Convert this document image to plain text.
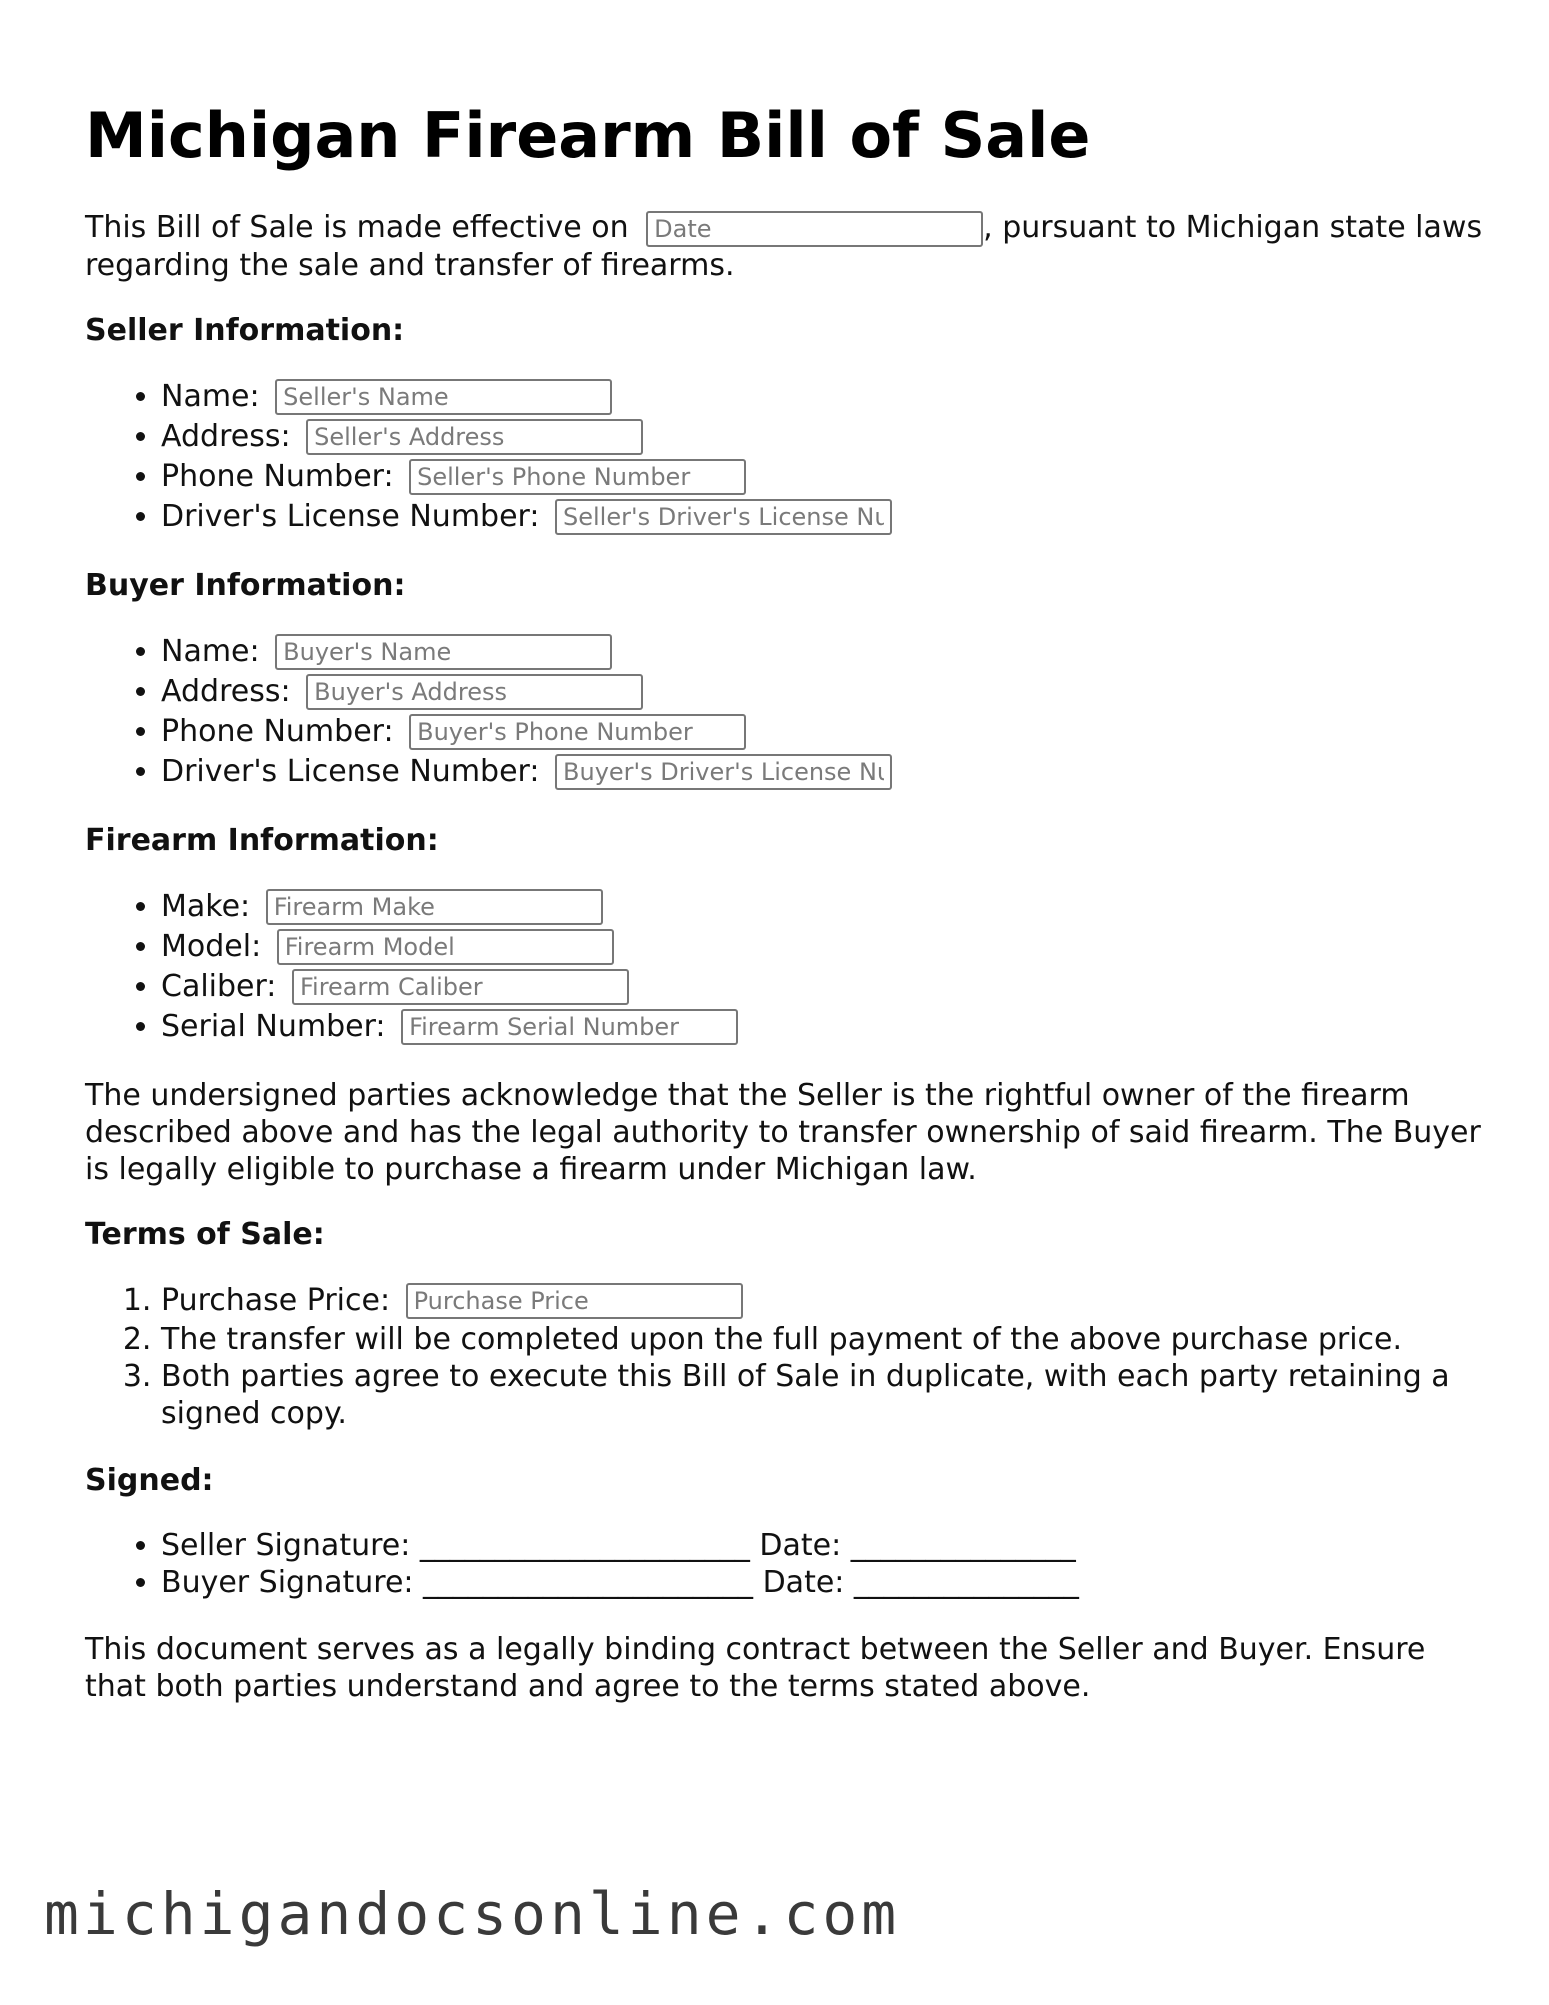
Michigan Firearm Bill of Sale

This Bill of Sale is made effective on Date	, pursuant to Michigan state laws regarding the sale and transfer of firearms.

Seller Information:
• Name: Seller's Name
• Address: Seller's Address
• Phone Number: Seller's Phone Number
• Driver's License Number: Seller's Driver's License Number
Buyer Information:
• Name: Buyer's Name
• Address: Buyer's Address
• Phone Number: Buyer's Phone Number
• Driver's License Number: Buyer's Driver's License Number
Firearm Information:
• Make: Firearm Make
• Model: Firearm Model
• Caliber: Firearm Caliber
• Serial Number: Firearm Serial Number

The undersigned parties acknowledge that the Seller is the rightful owner of the firearm described above and has the legal authority to transfer ownership of said firearm. The Buyer is legally eligible to purchase a firearm under Michigan law.

Terms of Sale:
1. Purchase Price: Purchase Price
2. The transfer will be completed upon the full payment of the above purchase price.
3. Both parties agree to execute this Bill of Sale in duplicate, with each party retaining a signed copy.
Signed:
• Seller Signature: ______________________ Date: _______________
• Buyer Signature: ______________________ Date: _______________

This document serves as a legally binding contract between the Seller and Buyer. Ensure that both parties understand and agree to the terms stated above.

michigandocsonline.com
